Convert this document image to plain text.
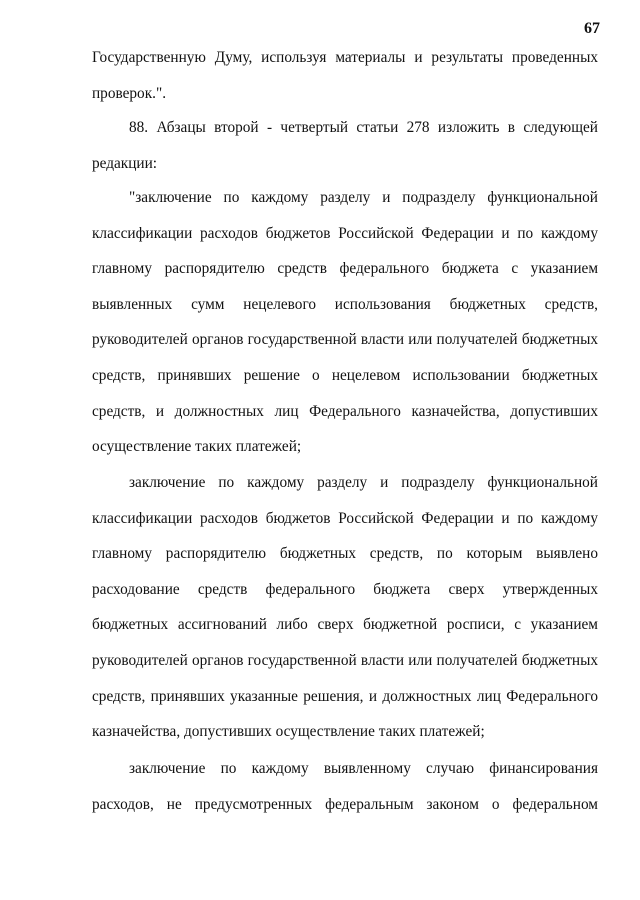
67
Государственную Думу, используя материалы и результаты проведенных
проверок.".
88. Абзацы второй - четвертый статьи 278 изложить в следующей
редакции:
"заключение по каждому разделу и подразделу функциональной
классификации расходов бюджетов Российской Федерации и по каждому
главному распорядителю средств федерального бюджета с указанием
выявленных сумм нецелевого использования бюджетных средств,
руководителей органов государственной власти или получателей бюджетных
средств, принявших решение о нецелевом использовании бюджетных
средств, и должностных лиц Федерального казначейства, допустивших
осуществление таких платежей;
заключение по каждому разделу и подразделу функциональной
классификации расходов бюджетов Российской Федерации и по каждому
главному распорядителю бюджетных средств, по которым выявлено
расходование средств федерального бюджета сверх утвержденных
бюджетных ассигнований либо сверх бюджетной росписи, с указанием
руководителей органов государственной власти или получателей бюджетных
средств, принявших указанные решения, и должностных лиц Федерального
казначейства, допустивших осуществление таких платежей;
заключение по каждому выявленному случаю финансирования
расходов, не предусмотренных федеральным законом о федеральном
